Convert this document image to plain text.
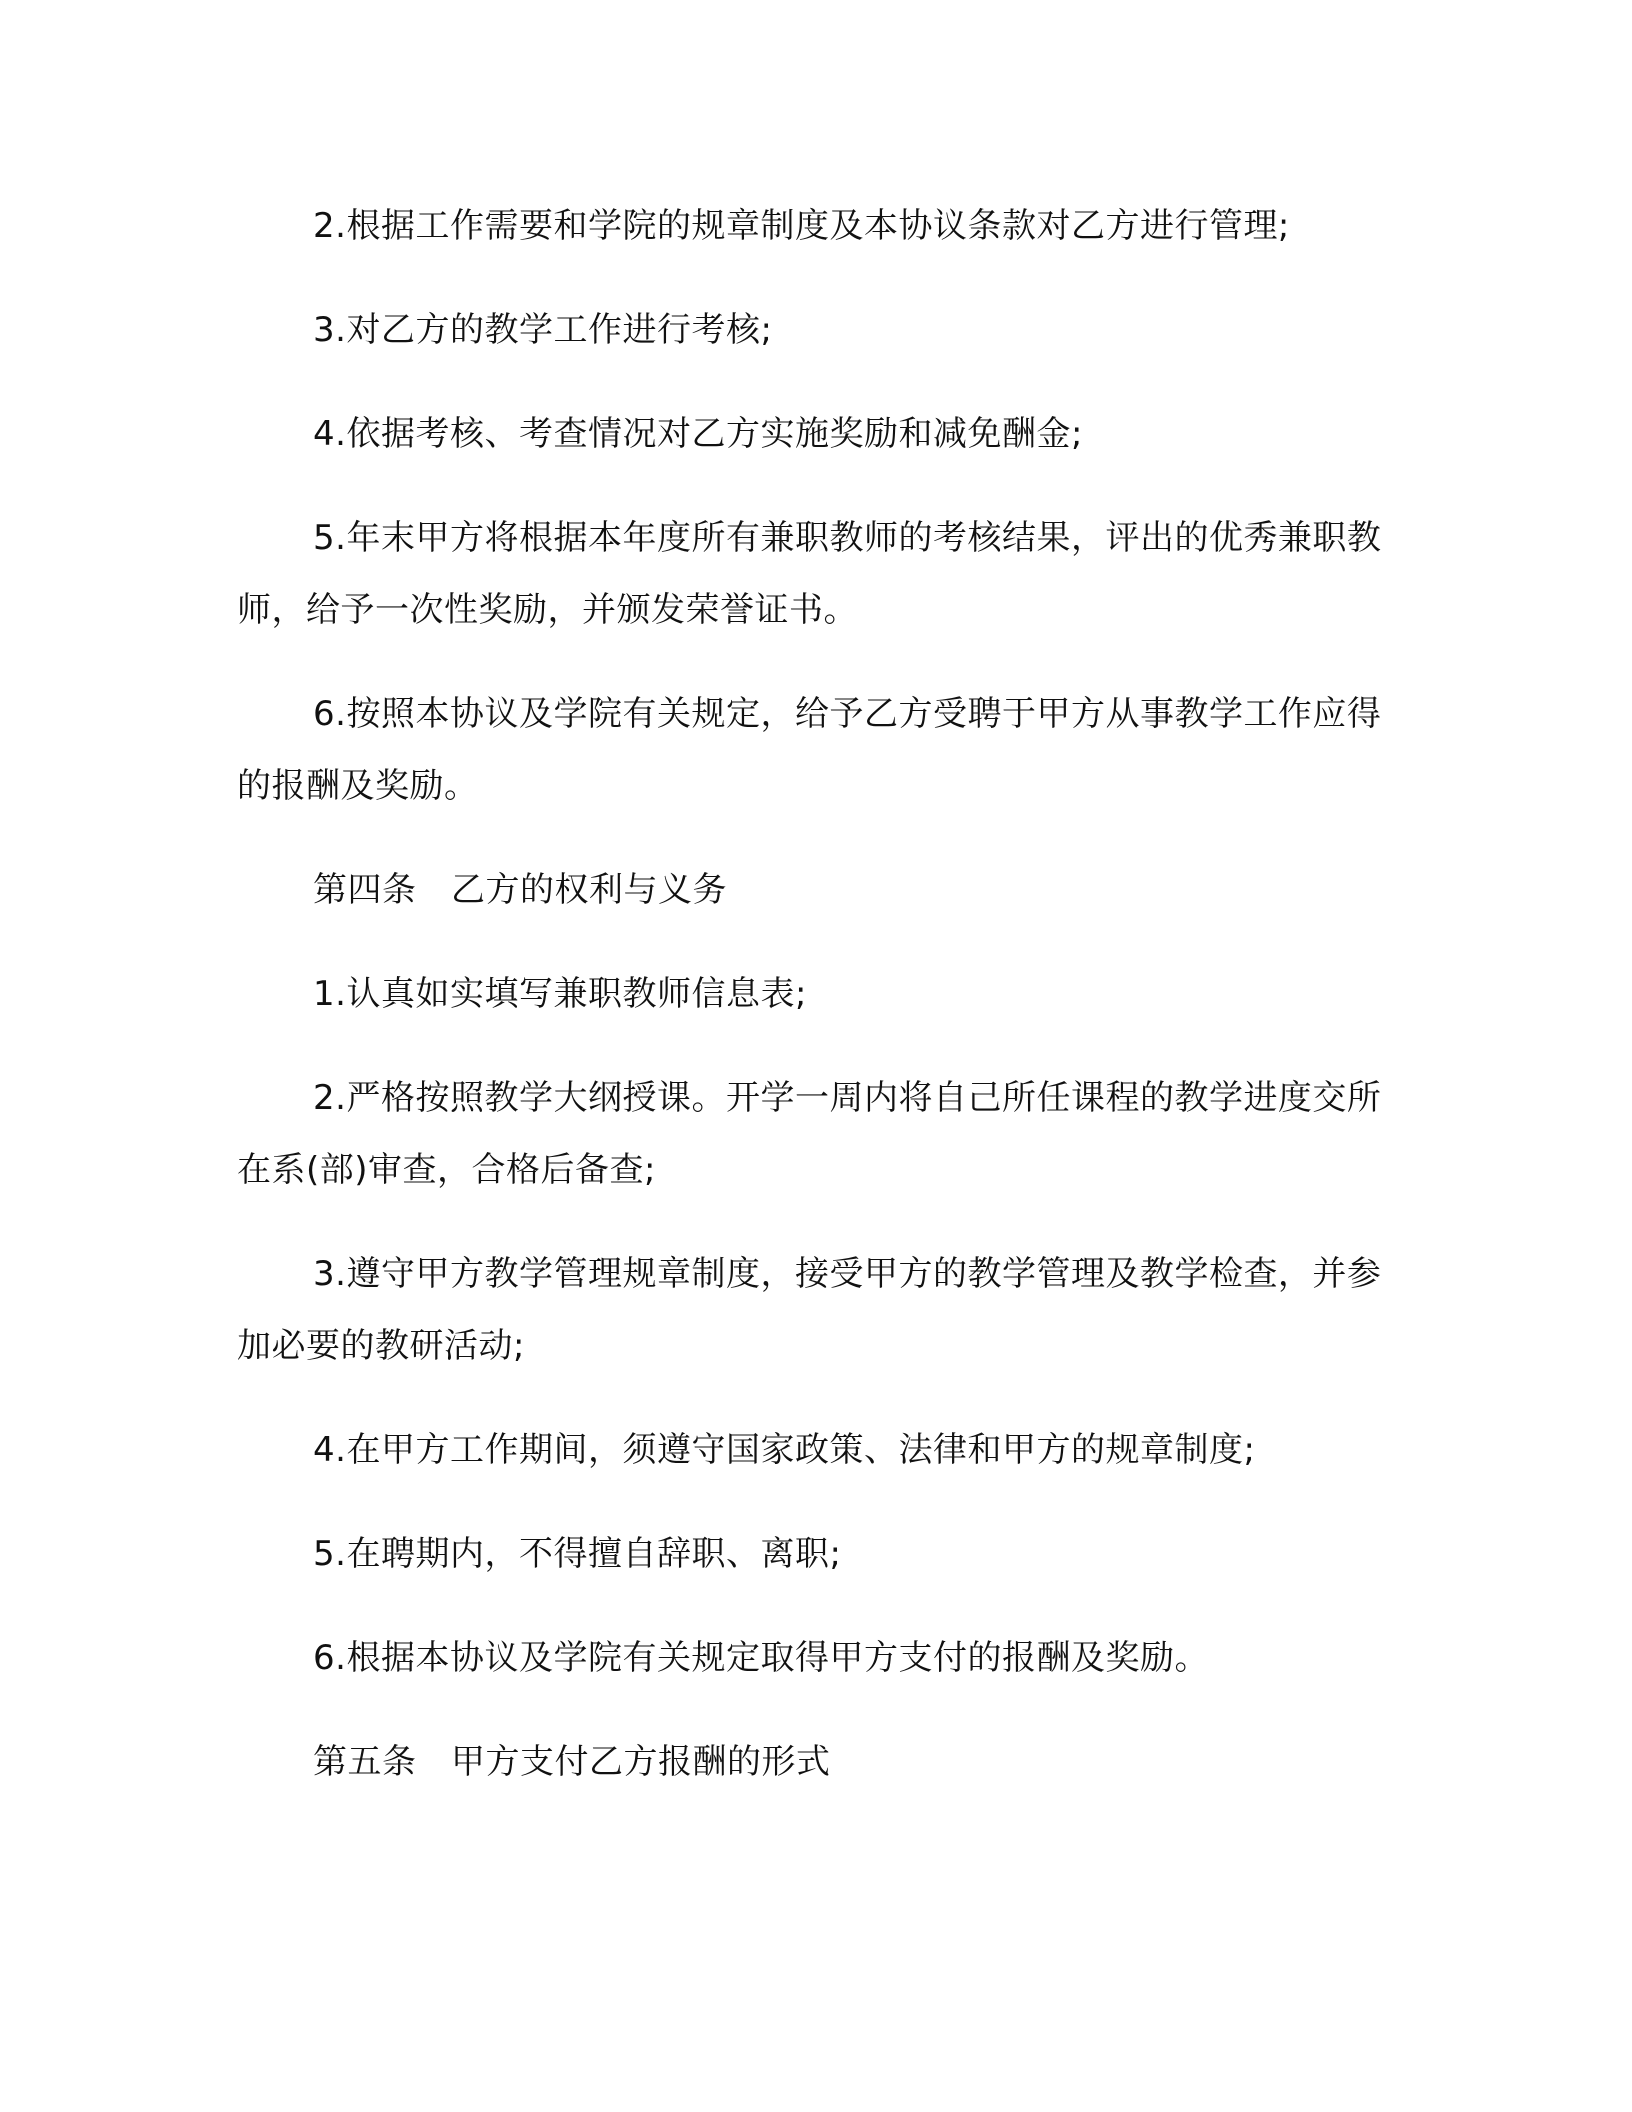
2.根据工作需要和学院的规章制度及本协议条款对乙方进行管理;

3.对乙方的教学工作进行考核;

4.依据考核、考查情况对乙方实施奖励和减免酬金;

5.年末甲方将根据本年度所有兼职教师的考核结果，评出的优秀兼职教师，给予一次性奖励，并颁发荣誉证书。

6.按照本协议及学院有关规定，给予乙方受聘于甲方从事教学工作应得的报酬及奖励。

第四条　乙方的权利与义务

1.认真如实填写兼职教师信息表;

2.严格按照教学大纲授课。开学一周内将自己所任课程的教学进度交所在系(部)审查，合格后备查;

3.遵守甲方教学管理规章制度，接受甲方的教学管理及教学检查，并参加必要的教研活动;

4.在甲方工作期间，须遵守国家政策、法律和甲方的规章制度;

5.在聘期内，不得擅自辞职、离职;

6.根据本协议及学院有关规定取得甲方支付的报酬及奖励。

第五条　甲方支付乙方报酬的形式
